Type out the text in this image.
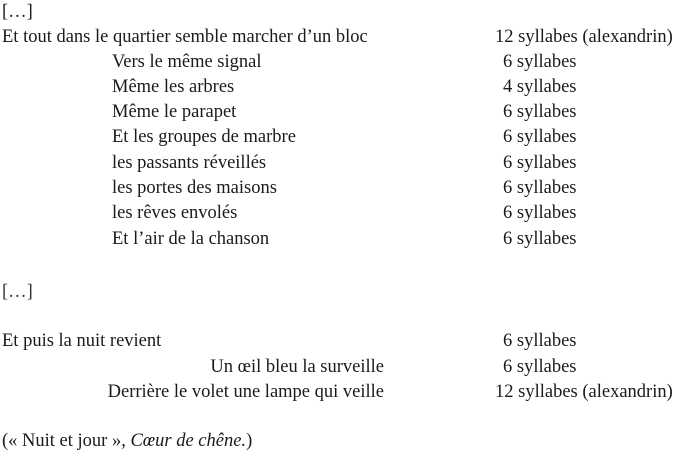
[…]
Et tout dans le quartier semble marcher d’un bloc	12 syllabes (alexandrin)
Vers le même signal	6 syllabes
Même les arbres	4 syllabes
Même le parapet	6 syllabes
Et les groupes de marbre	6 syllabes
les passants réveillés	6 syllabes
les portes des maisons	6 syllabes
les rêves envolés	6 syllabes
Et l’air de la chanson	6 syllabes
[…]
Et puis la nuit revient	6 syllabes
Un œil bleu la surveille	6 syllabes
Derrière le volet une lampe qui veille	12 syllabes (alexandrin)
(« Nuit et jour », Cœur de chêne.)
